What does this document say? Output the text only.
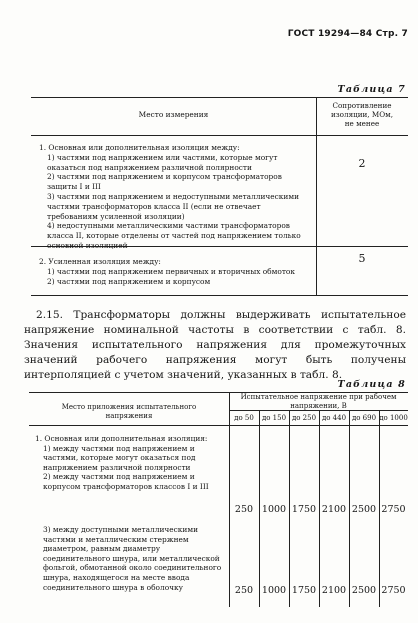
ГОСТ 19294—84 Стр. 7
Таблица 7
Место измерения
Сопротивление
изоляции, МОм,
не менее
1. Основная или дополнительная изоляция между:
1) частями под напряжением или частями, которые могут оказаться под напряжением различной полярности
2) частями под напряжением и корпусом трансформаторов защиты I и III
3) частями под напряжением и недоступными металлическими частями трансформаторов класса II (если не отвечает требованиям усиленной изоляции)
4) недоступными металлическими частями трансформаторов класса II, которые отделены от частей под напряжением только основной изоляцией
2
2. Усиленная изоляция между:
1) частями под напряжением первичных и вторичных обмоток
2) частями под напряжением и корпусом
5

2.15. Трансформаторы должны выдерживать испытательное напряжение номинальной частоты в соответствии с табл. 8. Значения испытательного напряжения для промежуточных значений рабочего напряжения могут быть получены интерполяцией с учетом значений, указанных в табл. 8.

Таблица 8
Место приложения испытательного
напряжения
Испытательное напряжение при рабочем
напряжении, В
до 50	до 150 до 250 до 440 до 690 до 1000
1. Основная или дополнительная изоляция:
1) между частями под напряжением и частями, которые могут оказаться под напряжением различной полярности
2) между частями под напряжением и корпусом трансформаторов классов I и III
250 1000 1750 2100 2500 2750
3) между доступными металлическими частями и металлическим стержнем диаметром, равным диаметру соединительного шнура, или металлической фольгой, обмотанной около соединительного шнура, находящегося на месте ввода соединительного шнура в оболочку	250 1000 1750 2100 2500 2750
